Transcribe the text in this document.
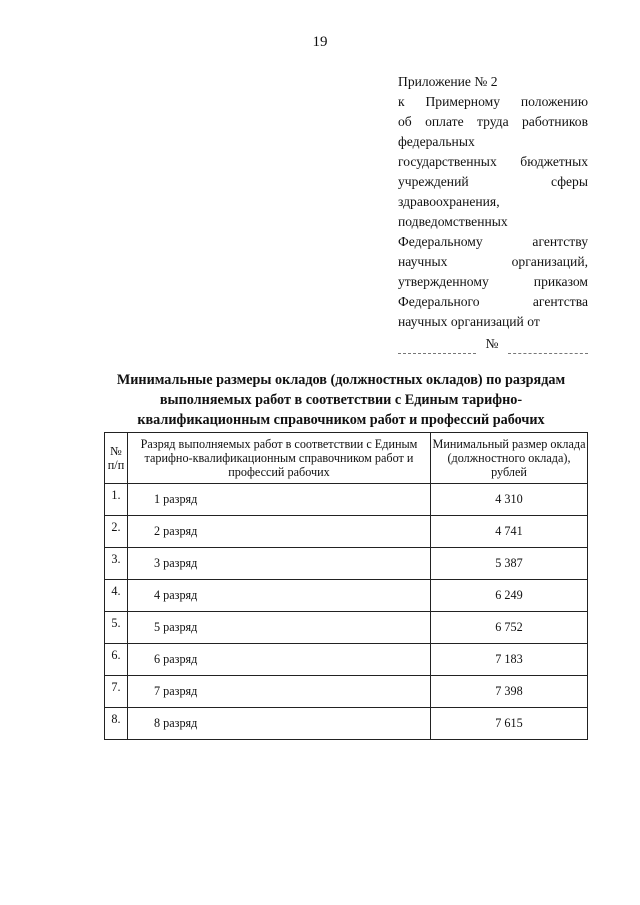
19
Приложение № 2
к Примерному положению
об оплате труда работников
федеральных
государственных бюджетных
учреждений сферы
здравоохранения,
подведомственных
Федеральному агентству
научных организаций,
утвержденному приказом
Федерального агентства
научных организаций от
№
Минимальные размеры окладов (должностных окладов) по разрядам выполняемых работ в соответствии с Единым тарифно-квалификационным справочником работ и профессий рабочих
№ п/п	Разряд выполняемых работ в соответствии с Единым тарифно-квалификационным справочником работ и профессий рабочих	Минимальный размер оклада (должностного оклада), рублей
1.	1 разряд	4 310
2.	2 разряд	4 741
3.	3 разряд	5 387
4.	4 разряд	6 249
5.	5 разряд	6 752
6.	6 разряд	7 183
7.	7 разряд	7 398
8.	8 разряд	7 615
